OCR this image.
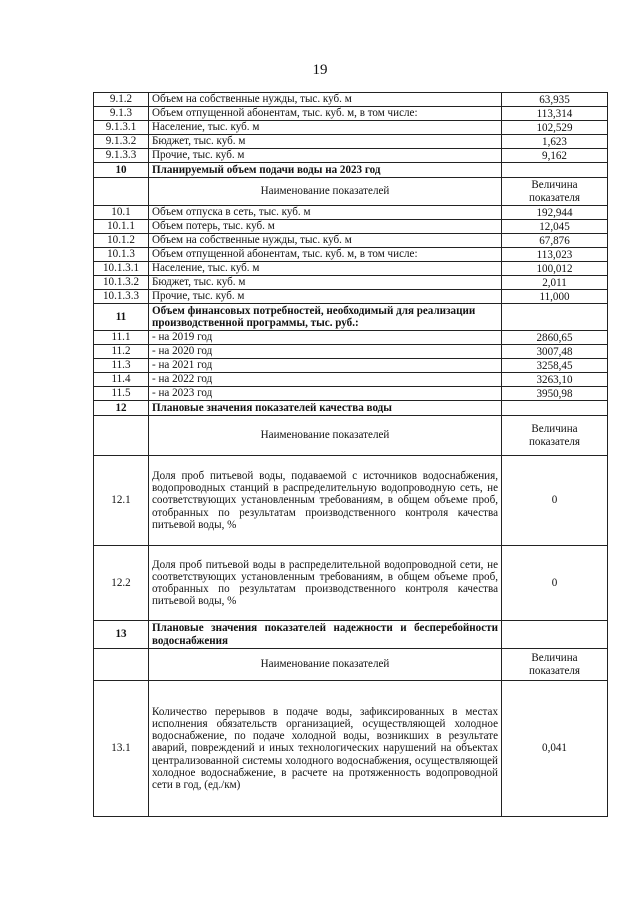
19
9.1.2	Объем на собственные нужды, тыс. куб. м	63,935
9.1.3	Объем отпущенной абонентам, тыс. куб. м, в том числе:	113,314
9.1.3.1	Население, тыс. куб. м	102,529
9.1.3.2	Бюджет, тыс. куб. м	1,623
9.1.3.3	Прочие, тыс. куб. м	9,162
10	Планируемый объем подачи воды на 2023 год	
	Наименование показателей	Величина показателя
10.1	Объем отпуска в сеть, тыс. куб. м	192,944
10.1.1	Объем потерь, тыс. куб. м	12,045
10.1.2	Объем на собственные нужды, тыс. куб. м	67,876
10.1.3	Объем отпущенной абонентам, тыс. куб. м, в том числе:	113,023
10.1.3.1	Население, тыс. куб. м	100,012
10.1.3.2	Бюджет, тыс. куб. м	2,011
10.1.3.3	Прочие, тыс. куб. м	11,000
11	Объем финансовых потребностей, необходимый для реализации производственной программы, тыс. руб.:	
11.1	- на 2019 год	2860,65
11.2	- на 2020 год	3007,48
11.3	- на 2021 год	3258,45
11.4	- на 2022 год	3263,10
11.5	- на 2023 год	3950,98
12	Плановые значения показателей качества воды	
	Наименование показателей	Величина показателя
12.1	Доля проб питьевой воды, подаваемой с источников водоснабжения, водопроводных станций в распределительную водопроводную сеть, не соответствующих установленным требованиям, в общем объеме проб, отобранных по результатам производственного контроля качества питьевой воды, %	0
12.2	Доля проб питьевой воды в распределительной водопроводной сети, не соответствующих установленным требованиям, в общем объеме проб, отобранных по результатам производственного контроля качества питьевой воды, %	0
13	Плановые значения показателей надежности и бесперебойности водоснабжения	
	Наименование показателей	Величина показателя
13.1	Количество перерывов в подаче воды, зафиксированных в местах исполнения обязательств организацией, осуществляющей холодное водоснабжение, по подаче холодной воды, возникших в результате аварий, повреждений и иных технологических нарушений на объектах централизованной системы холодного водоснабжения, осуществляющей холодное водоснабжение, в расчете на протяженность водопроводной сети в год, (ед./км)	0,041
